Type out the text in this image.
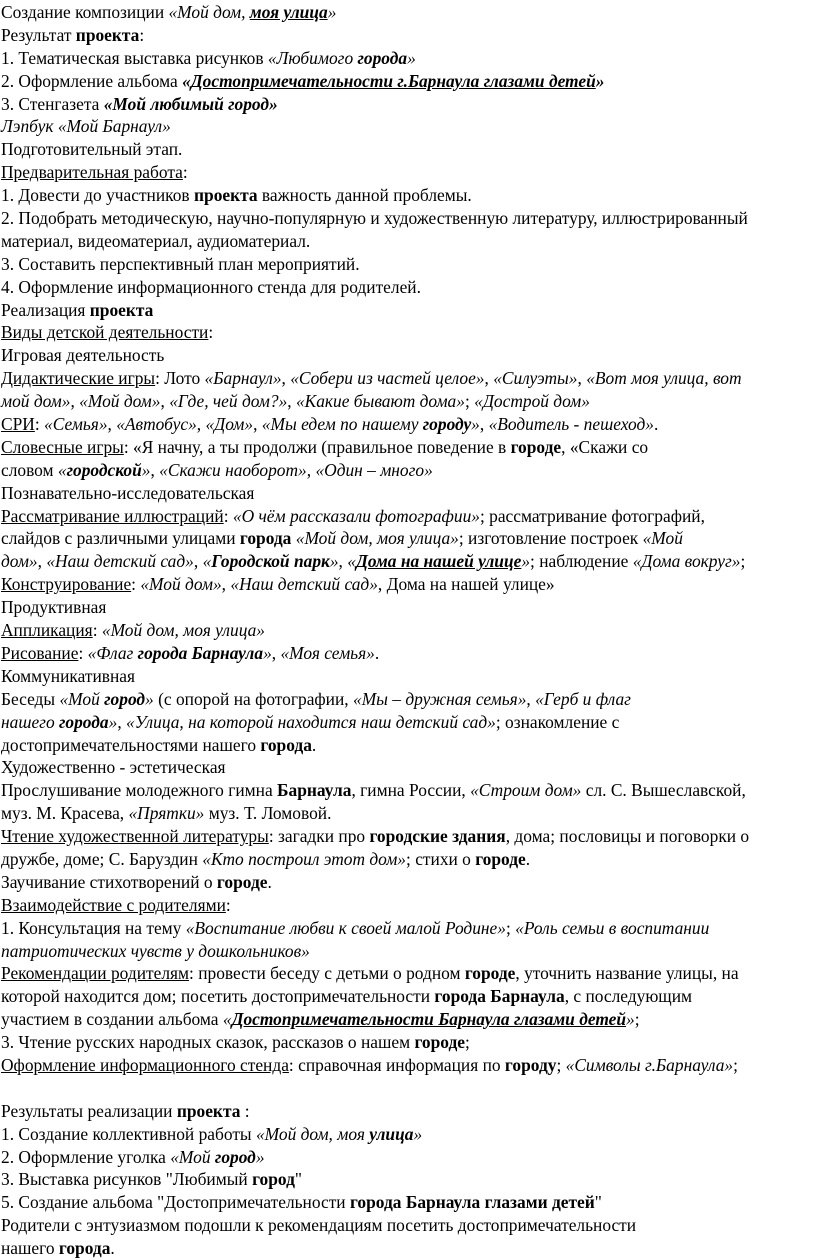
Создание композиции «Мой дом, моя улица»
Результат проекта:
1. Тематическая выставка рисунков «Любимого города»
2. Оформление альбома «Достопримечательности г.Барнаула глазами детей»
3. Стенгазета «Мой любимый город»
Лэпбук «Мой Барнаул»
Подготовительный этап.
Предварительная работа:
1. Довести до участников проекта важность данной проблемы.
2. Подобрать методическую, научно-популярную и художественную литературу, иллюстрированный
материал, видеоматериал, аудиоматериал.
3. Составить перспективный план мероприятий.
4. Оформление информационного стенда для родителей.
Реализация проекта
Виды детской деятельности:
Игровая деятельность
Дидактические игры: Лото «Барнаул», «Собери из частей целое», «Силуэты», «Вот моя улица, вот
мой дом», «Мой дом», «Где, чей дом?», «Какие бывают дома»; «Дострой дом»
СРИ: «Семья», «Автобус», «Дом», «Мы едем по нашему городу», «Водитель - пешеход».
Словесные игры: «Я начну, а ты продолжи (правильное поведение в городе, «Скажи со
словом «городской», «Скажи наоборот», «Один – много»
Познавательно-исследовательская
Рассматривание иллюстраций: «О чём рассказали фотографии»; рассматривание фотографий,
слайдов с различными улицами города «Мой дом, моя улица»; изготовление построек «Мой
дом», «Наш детский сад», «Городской парк», «Дома на нашей улице»; наблюдение «Дома вокруг»;
Конструирование: «Мой дом», «Наш детский сад», Дома на нашей улице»
Продуктивная
Аппликация: «Мой дом, моя улица»
Рисование: «Флаг города Барнаула», «Моя семья».
Коммуникативная
Беседы «Мой город» (с опорой на фотографии, «Мы – дружная семья», «Герб и флаг
нашего города», «Улица, на которой находится наш детский сад»; ознакомление с
достопримечательностями нашего города.
Художественно - эстетическая
Прослушивание молодежного гимна Барнаула, гимна России, «Строим дом» сл. С. Вышеславской,
муз. М. Красева, «Прятки» муз. Т. Ломовой.
Чтение художественной литературы: загадки про городские здания, дома; пословицы и поговорки о
дружбе, доме; С. Баруздин «Кто построил этот дом»; стихи о городе.
Заучивание стихотворений о городе.
Взаимодействие с родителями:
1. Консультация на тему «Воспитание любви к своей малой Родине»; «Роль семьи в воспитании
патриотических чувств у дошкольников»
Рекомендации родителям: провести беседу с детьми о родном городе, уточнить название улицы, на
которой находится дом; посетить достопримечательности города Барнаула, с последующим
участием в создании альбома «Достопримечательности Барнаула глазами детей»;
3. Чтение русских народных сказок, рассказов о нашем городе;
Оформление информационного стенда: справочная информация по городу; «Символы г.Барнаула»;
Результаты реализации проекта :
1. Создание коллективной работы «Мой дом, моя улица»
2. Оформление уголка «Мой город»
3. Выставка рисунков "Любимый город"
5. Создание альбома "Достопримечательности города Барнаула глазами детей"
Родители с энтузиазмом подошли к рекомендациям посетить достопримечательности
нашего города.
